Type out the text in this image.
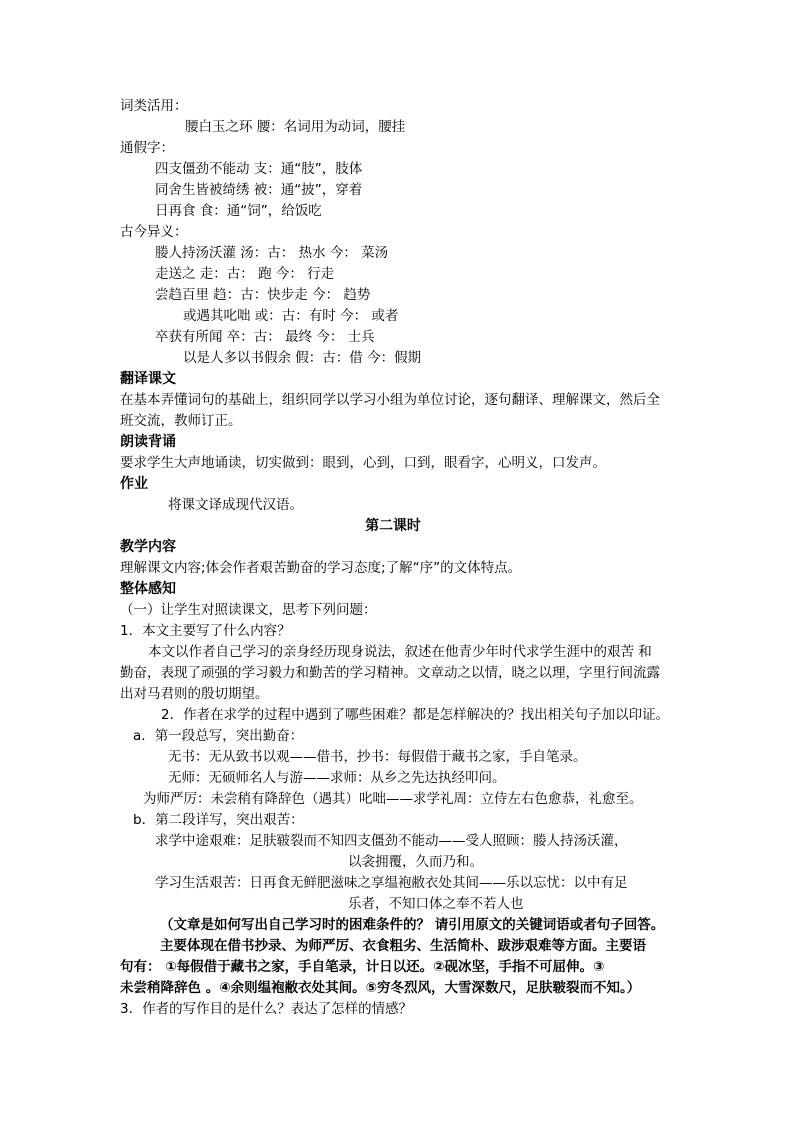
词类活用：
腰白玉之环 腰：名词用为动词，腰挂
通假字：
四支僵劲不能动 支：通“肢”，肢体
同舍生皆被绮绣 被：通“披”，穿着
日再食 食：通“饲”，给饭吃
古今异义：
媵人持汤沃灌 汤：古： 热水 今： 菜汤
走送之 走：古： 跑 今： 行走
尝趋百里 趋：古：快步走 今： 趋势
或遇其叱咄 或：古：有时 今： 或者
卒获有所闻 卒：古： 最终 今： 士兵
以是人多以书假余 假：古：借 今：假期
翻译课文
在基本弄懂词句的基础上，组织同学以学习小组为单位讨论，逐句翻译、理解课文，然后全
班交流，教师订正。
朗读背诵
要求学生大声地诵读，切实做到：眼到，心到，口到，眼看字，心明义，口发声。
作业
将课文译成现代汉语。
第二课时
教学内容
理解课文内容;体会作者艰苦勤奋的学习态度;了解“序”的文体特点。
整体感知
（一）让学生对照读课文，思考下列问题：
1．本文主要写了什么内容？
本文以作者自己学习的亲身经历现身说法，叙述在他青少年时代求学生涯中的艰苦 和
勤奋，表现了顽强的学习毅力和勤苦的学习精神。文章动之以情，晓之以理，字里行间流露
出对马君则的殷切期望。
2．作者在求学的过程中遇到了哪些困难？都是怎样解决的？找出相关句子加以印证。
a．第一段总写，突出勤奋：
无书：无从致书以观——借书，抄书：每假借于藏书之家，手自笔录。
无师：无硕师名人与游——求师：从乡之先达执经叩问。
为师严厉：未尝稍有降辞色（遇其）叱咄——求学礼周：立侍左右色愈恭，礼愈至。
b．第二段详写，突出艰苦：
求学中途艰难：足肤皲裂而不知四支僵劲不能动——受人照顾：媵人持汤沃灌，
以衾拥覆，久而乃和。
学习生活艰苦：日再食无鲜肥滋味之享缊袍敝衣处其间——乐以忘忧：以中有足
乐者，不知口体之奉不若人也
（文章是如何写出自己学习时的困难条件的？ 请引用原文的关键词语或者句子回答。
主要体现在借书抄录、为师严厉、衣食粗劣、生活简朴、跋涉艰难等方面。主要语
句有： ①每假借于藏书之家，手自笔录，计日以还。②砚冰坚，手指不可屈伸。③
未尝稍降辞色 。④余则缊袍敝衣处其间。⑤穷冬烈风，大雪深数尺，足肤皲裂而不知。）
3．作者的写作目的是什么？表达了怎样的情感？
